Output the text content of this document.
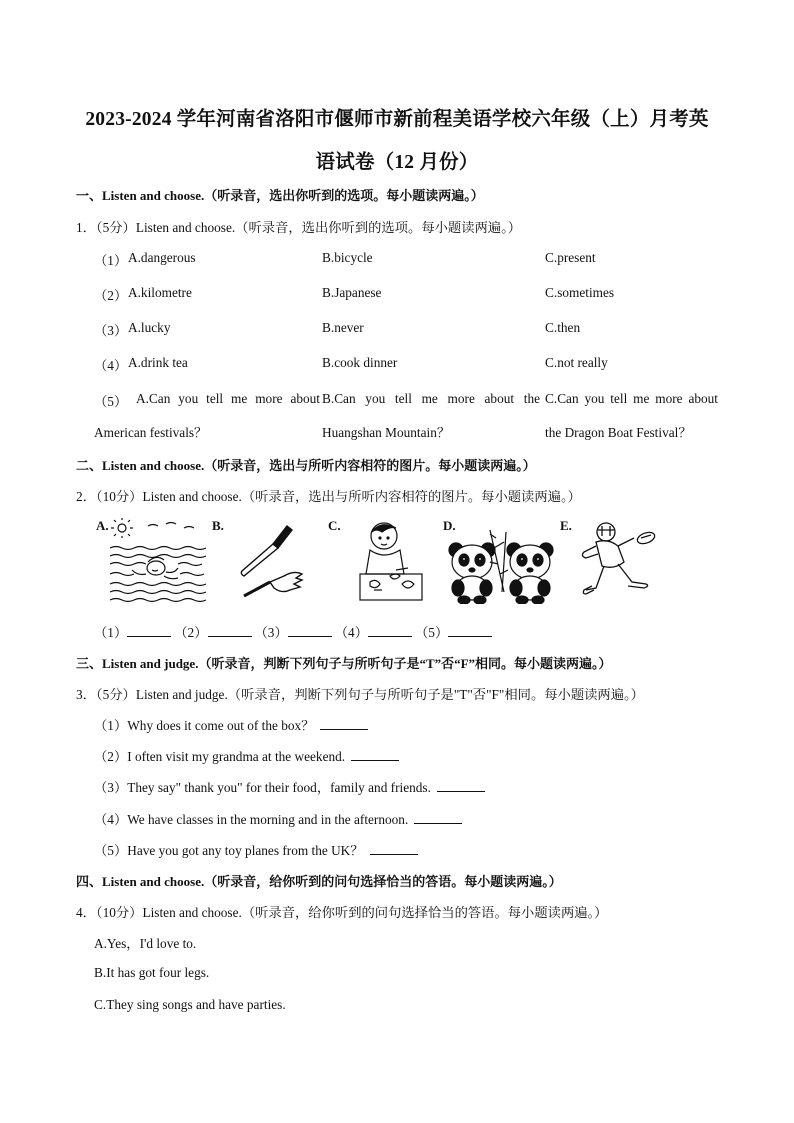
2023-2024 学年河南省洛阳市偃师市新前程美语学校六年级（上）月考英
语试卷（12 月份）
一、Listen and choose.（听录音，选出你听到的选项。每小题读两遍。）
1．（5分）Listen and choose.（听录音，选出你听到的选项。每小题读两遍。）
（1） A.dangerous	B.bicycle	C.present
（2） A.kilometre	B.Japanese	C.sometimes
（3） A.lucky	B.never	C.then
（4） A.drink tea	B.cook dinner	C.not really
（5） A.Can you tell me more about B.Can you tell me more about the C.Can you tell me more about
American festivals？	Huangshan Mountain？	the Dragon Boat Festival？
二、Listen and choose.（听录音，选出与所听内容相符的图片。每小题读两遍。）
2．（10分）Listen and choose.（听录音，选出与所听内容相符的图片。每小题读两遍。）
A.	B.	C.	D.	E.
（1）	（2）	（3）	（4）	（5）
三、Listen and judge.（听录音，判断下列句子与所听句子是“T”否“F”相同。每小题读两遍。）
3．（5分）Listen and judge.（听录音，判断下列句子与所听句子是"T"否"F"相同。每小题读两遍。）
（1）Why does it come out of the box？
（2）I often visit my grandma at the weekend.
（3）They say" thank you" for their food，family and friends.
（4）We have classes in the morning and in the afternoon.
（5）Have you got any toy planes from the UK？
四、Listen and choose.（听录音，给你听到的问句选择恰当的答语。每小题读两遍。）
4．（10分）Listen and choose.（听录音，给你听到的问句选择恰当的答语。每小题读两遍。）
A.Yes，I'd love to.
B.It has got four legs.
C.They sing songs and have parties.
